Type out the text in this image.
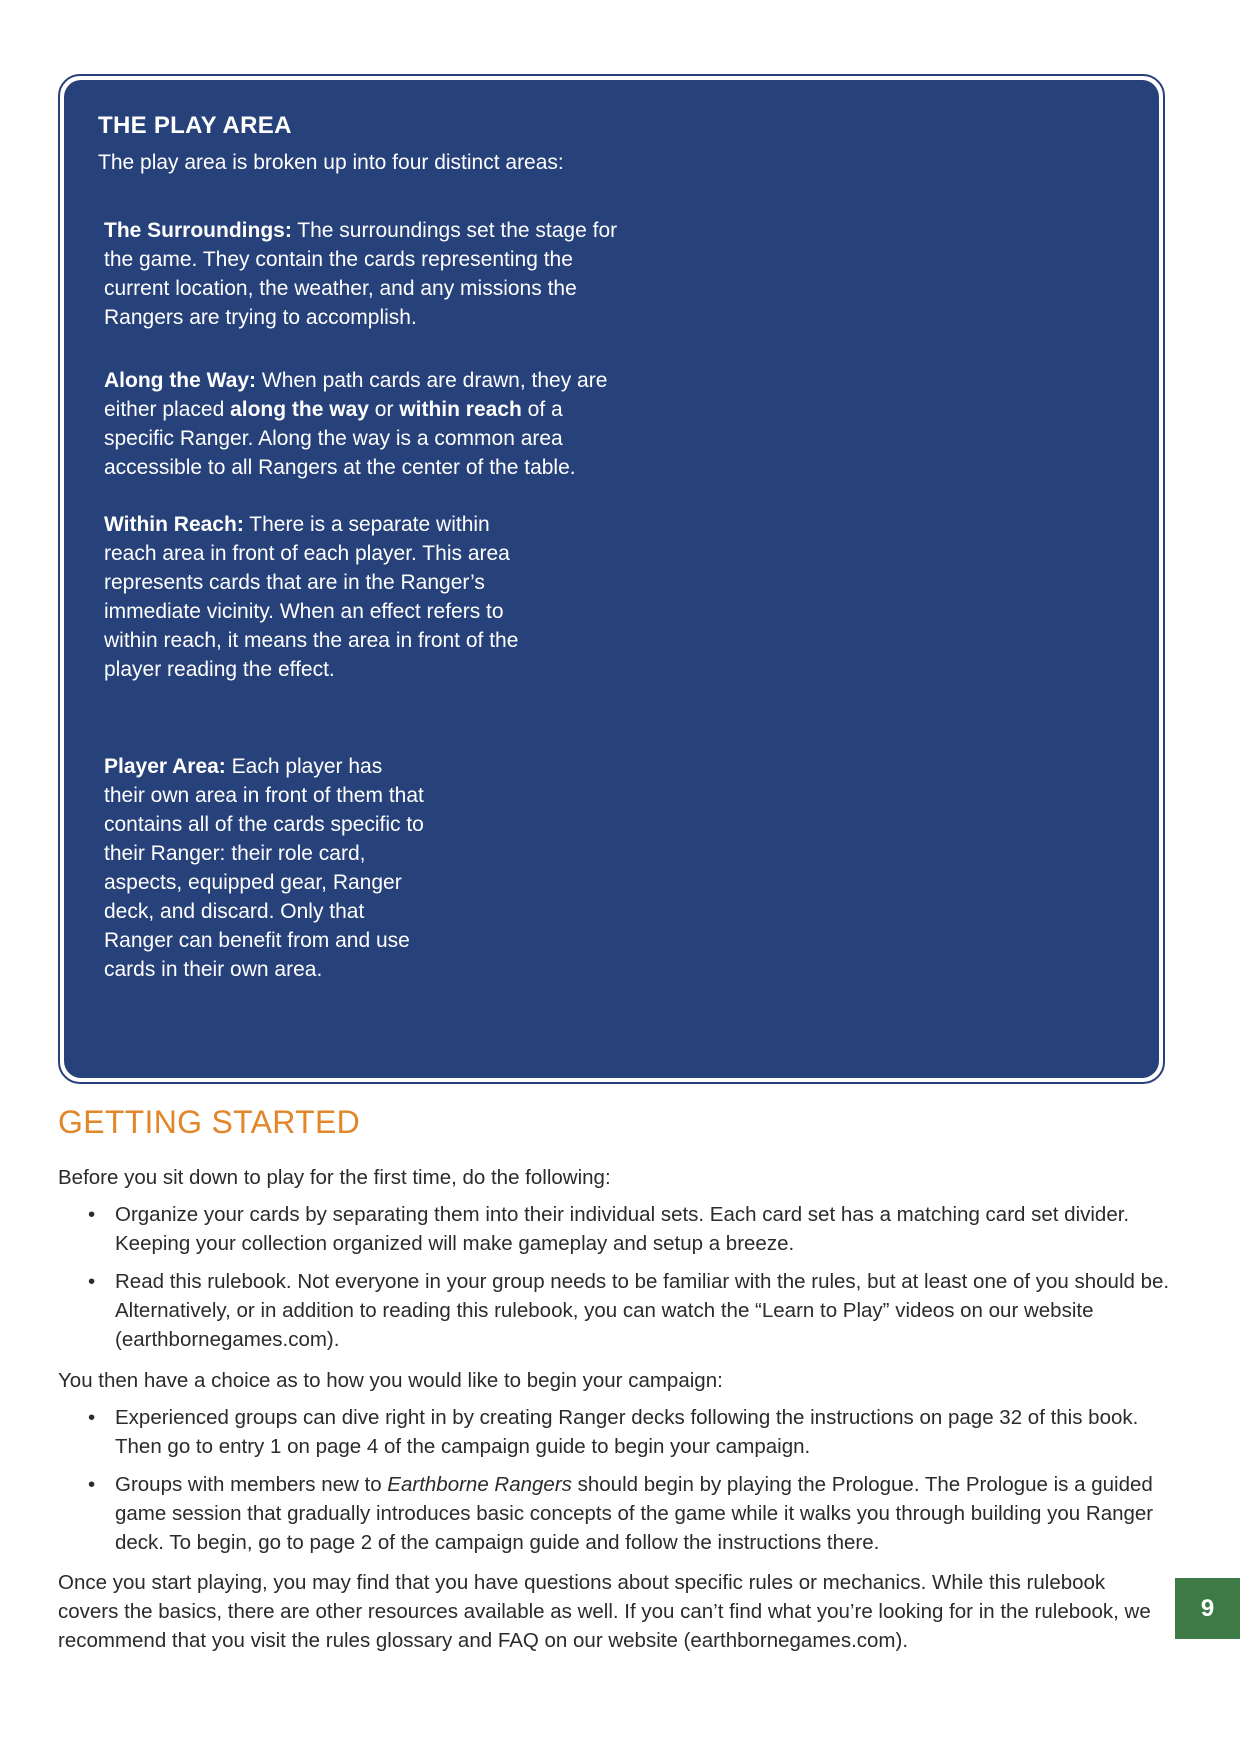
THE PLAY AREA
The play area is broken up into four distinct areas:
The Surroundings: The surroundings set the stage for the game. They contain the cards representing the current location, the weather, and any missions the Rangers are trying to accomplish.
Along the Way: When path cards are drawn, they are either placed along the way or within reach of a specific Ranger. Along the way is a common area accessible to all Rangers at the center of the table.
Within Reach: There is a separate within reach area in front of each player. This area represents cards that are in the Ranger’s immediate vicinity. When an effect refers to within reach, it means the area in front of the player reading the effect.
Player Area: Each player has their own area in front of them that contains all of the cards specific to their Ranger: their role card, aspects, equipped gear, Ranger deck, and discard. Only that Ranger can benefit from and use cards in their own area.
GETTING STARTED
Before you sit down to play for the first time, do the following:
• Organize your cards by separating them into their individual sets. Each card set has a matching card set divider. Keeping your collection organized will make gameplay and setup a breeze.
• Read this rulebook. Not everyone in your group needs to be familiar with the rules, but at least one of you should be. Alternatively, or in addition to reading this rulebook, you can watch the “Learn to Play” videos on our website (earthbornegames.com).
You then have a choice as to how you would like to begin your campaign:
• Experienced groups can dive right in by creating Ranger decks following the instructions on page 32 of this book. Then go to entry 1 on page 4 of the campaign guide to begin your campaign.
• Groups with members new to Earthborne Rangers should begin by playing the Prologue. The Prologue is a guided game session that gradually introduces basic concepts of the game while it walks you through building you Ranger deck. To begin, go to page 2 of the campaign guide and follow the instructions there.
Once you start playing, you may find that you have questions about specific rules or mechanics. While this rulebook covers the basics, there are other resources available as well. If you can’t find what you’re looking for in the rulebook, we recommend that you visit the rules glossary and FAQ on our website (earthbornegames.com).
9
